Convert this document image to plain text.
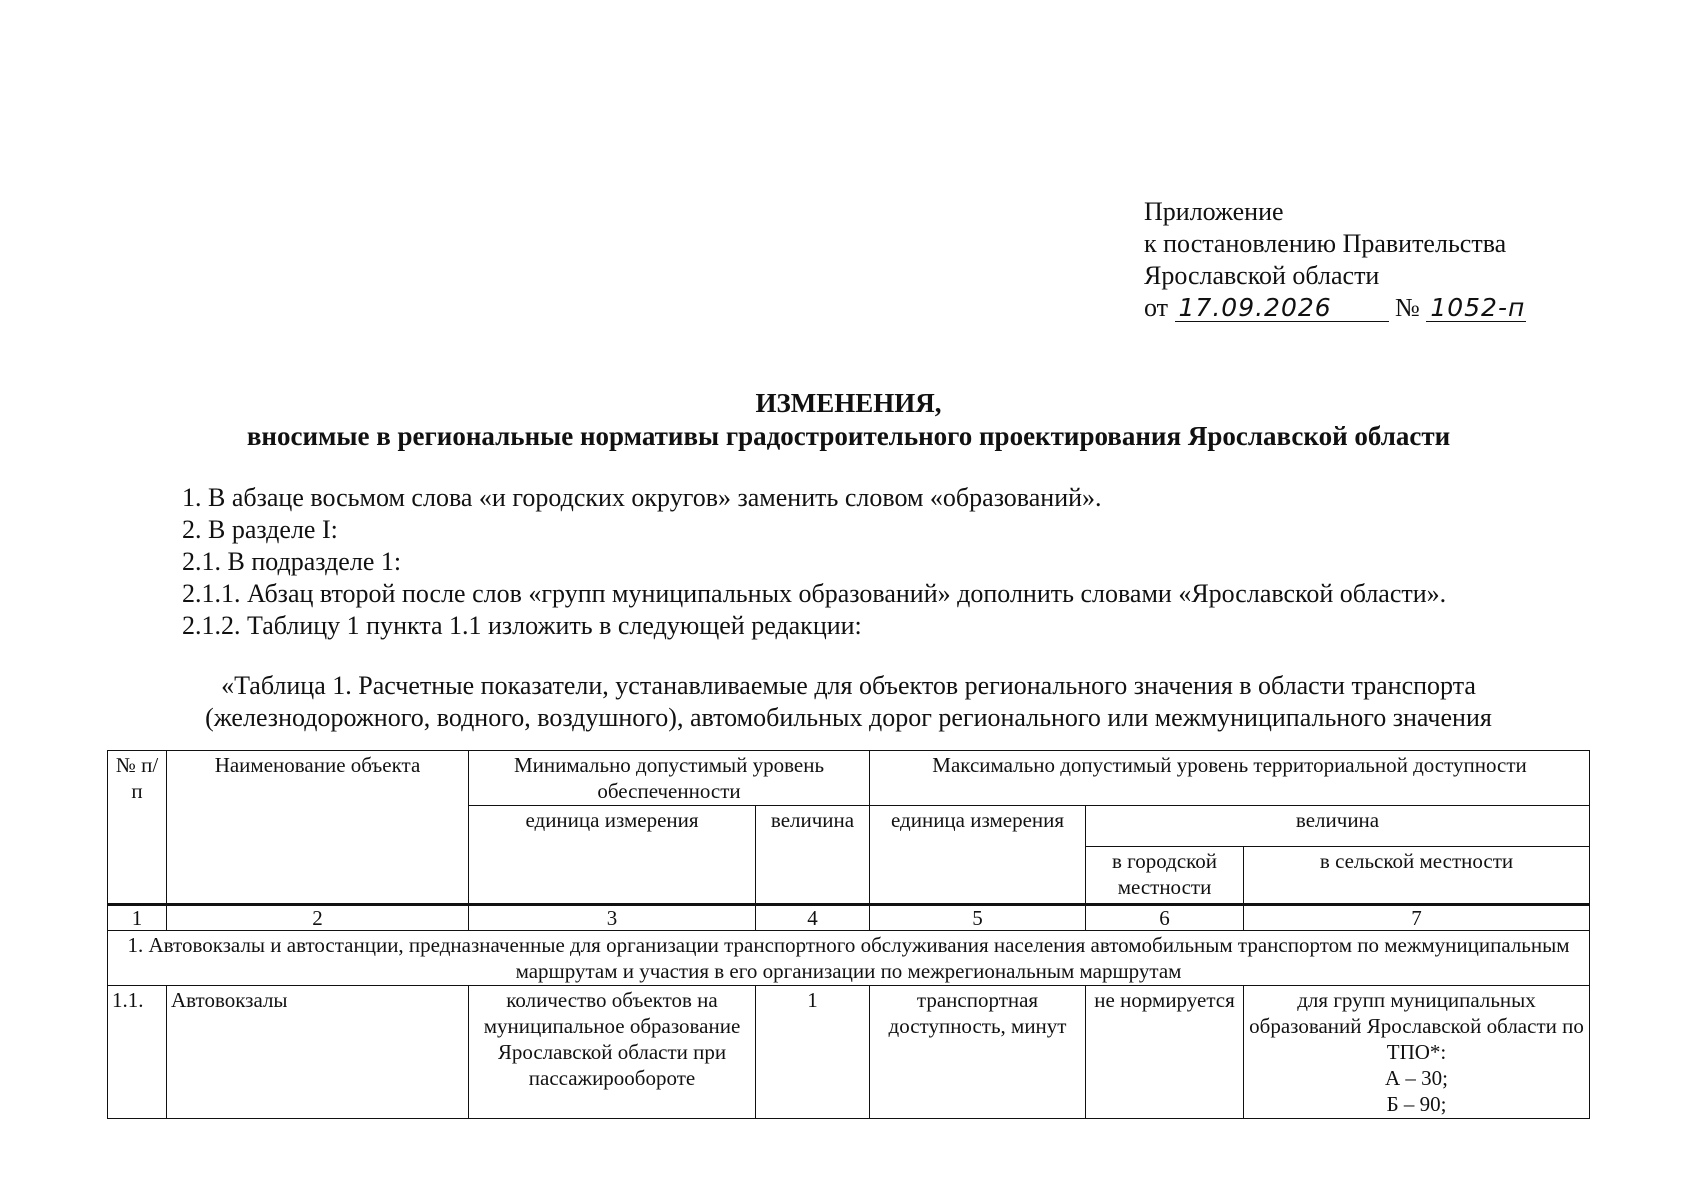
Приложение
к постановлению Правительства
Ярославской области
от 17.09.2026 № 1052-п
ИЗМЕНЕНИЯ,
вносимые в региональные нормативы градостроительного проектирования Ярославской области
1. В абзаце восьмом слова «и городских округов» заменить словом «образований».
2. В разделе I:
2.1. В подразделе 1:
2.1.1. Абзац второй после слов «групп муниципальных образований» дополнить словами «Ярославской области».
2.1.2. Таблицу 1 пункта 1.1 изложить в следующей редакции:
«Таблица 1. Расчетные показатели, устанавливаемые для объектов регионального значения в области транспорта
(железнодорожного, водного, воздушного), автомобильных дорог регионального или межмуниципального значения
№ п/п	Наименование объекта	Минимально допустимый уровень обеспеченности		Максимально допустимый уровень территориальной доступности		
		единица измерения	величина	единица измерения	величина	
					в городской местности	в сельской местности
1	2	3	4	5	6	7
1. Автовокзалы и автостанции, предназначенные для организации транспортного обслуживания населения автомобильным транспортом по межмуниципальным маршрутам и участия в его организации по межрегиональным маршрутам						
1.1.	Автовокзалы	количество объектов на муниципальное образование Ярославской области при пассажирообороте	1	транспортная доступность, минут	не нормируется	для групп муниципальных образований Ярославской области по ТПО*:
А – 30;
Б – 90;
